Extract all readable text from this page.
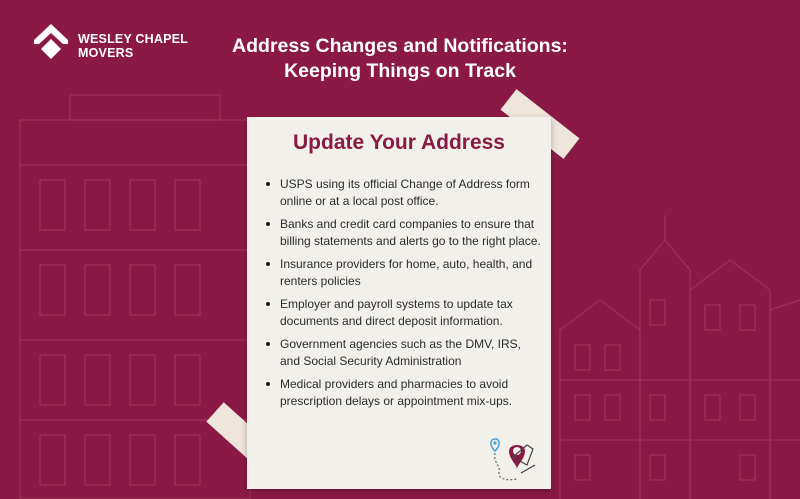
WESLEY CHAPEL
MOVERS	Address Changes and Notifications:
Keeping Things on Track
Update Your Address
USPS using its official Change of Address form online or at a local post office.
Banks and credit card companies to ensure that billing statements and alerts go to the right place.
Insurance providers for home, auto, health, and renters policies
Employer and payroll systems to update tax documents and direct deposit information.
Government agencies such as the DMV, IRS, and Social Security Administration
Medical providers and pharmacies to avoid prescription delays or appointment mix-ups.
